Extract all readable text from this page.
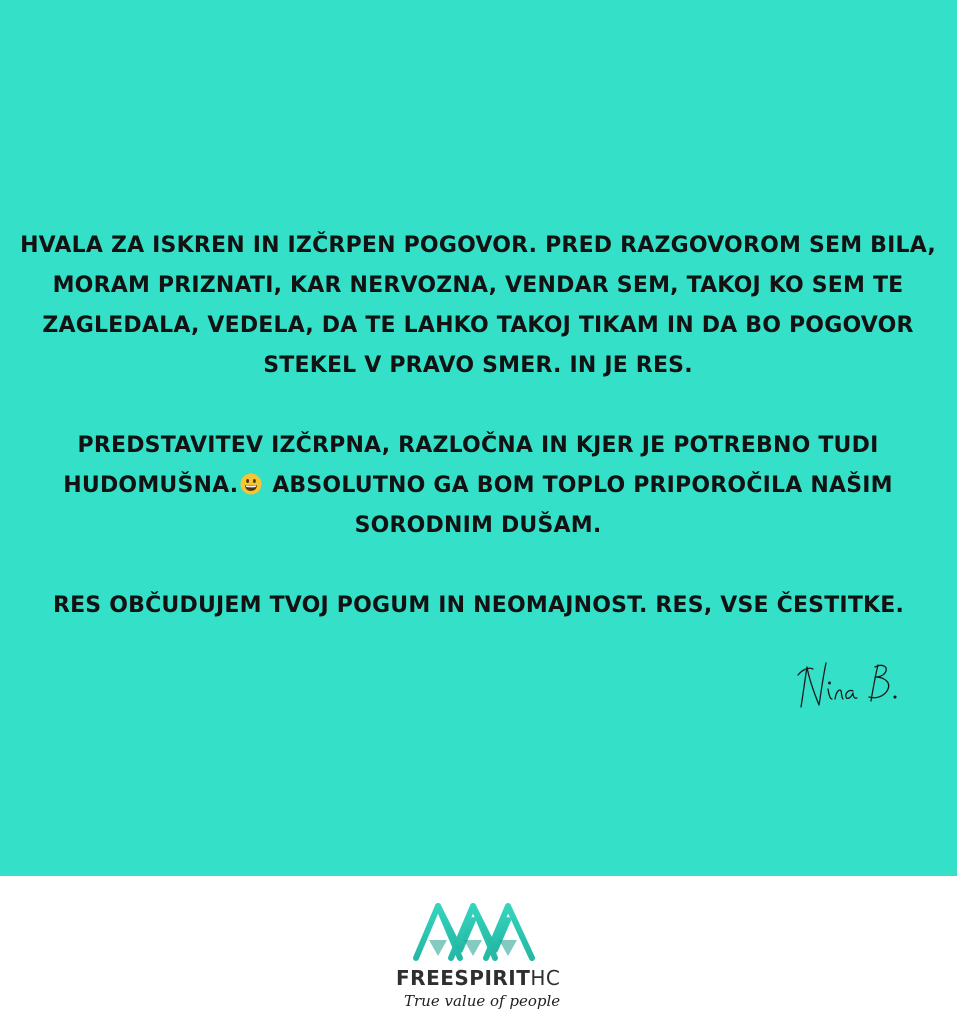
HVALA ZA ISKREN IN IZČRPEN POGOVOR. PRED RAZGOVOROM SEM BILA, MORAM PRIZNATI, KAR NERVOZNA, VENDAR SEM, TAKOJ KO SEM TE ZAGLEDALA, VEDELA, DA TE LAHKO TAKOJ TIKAM IN DA BO POGOVOR STEKEL V PRAVO SMER. IN JE RES.

PREDSTAVITEV IZČRPNA, RAZLOČNA IN KJER JE POTREBNO TUDI HUDOMUŠNA. ABSOLUTNO GA BOM TOPLO PRIPOROČILA NAŠIM SORODNIM DUŠAM.

RES OBČUDUJEM TVOJ POGUM IN NEOMAJNOST. RES, VSE ČESTITKE.

Nina B.
FREESPIRITHC
True value of people
